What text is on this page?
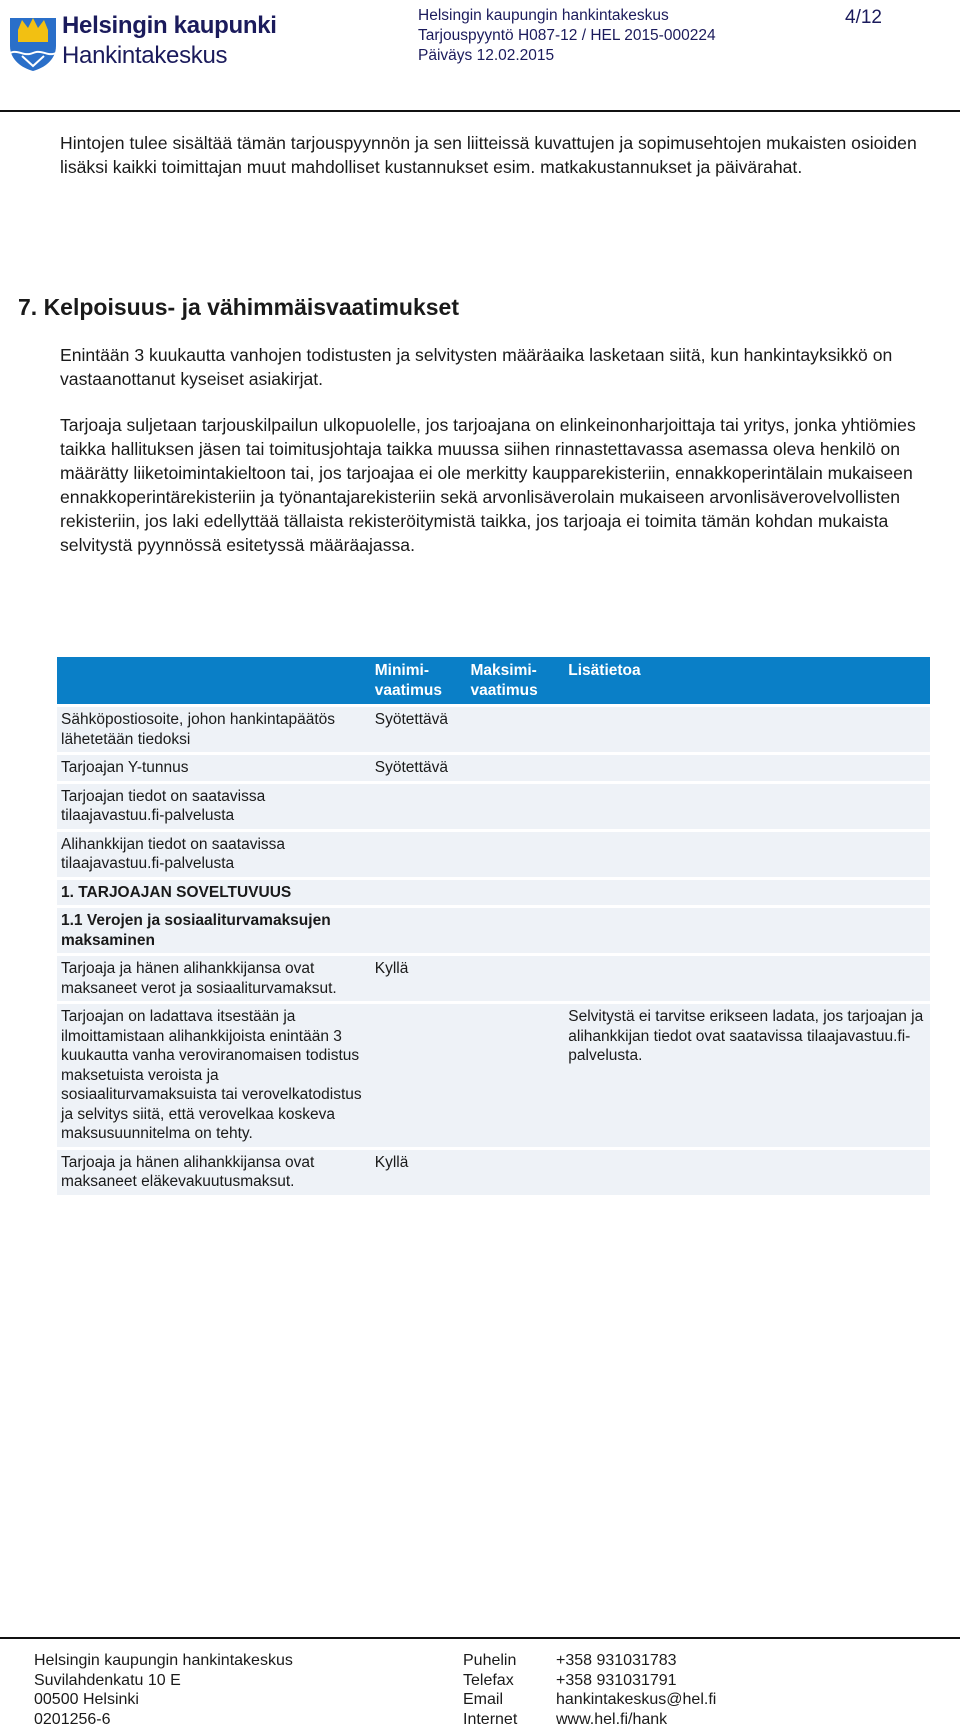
Helsingin kaupunki
Hankintakeskus
Helsingin kaupungin hankintakeskus
Tarjouspyyntö H087-12 / HEL 2015-000224
Päiväys 12.02.2015
4/12
Hintojen tulee sisältää tämän tarjouspyynnön ja sen liitteissä kuvattujen ja sopimusehtojen mukaisten osioiden lisäksi kaikki toimittajan muut mahdolliset kustannukset esim. matkakustannukset ja päivärahat.
7. Kelpoisuus- ja vähimmäisvaatimukset
Enintään 3 kuukautta vanhojen todistusten ja selvitysten määräaika lasketaan siitä, kun hankintayksikkö on vastaanottanut kyseiset asiakirjat.
Tarjoaja suljetaan tarjouskilpailun ulkopuolelle, jos tarjoajana on elinkeinonharjoittaja tai yritys, jonka yhtiömies taikka hallituksen jäsen tai toimitusjohtaja taikka muussa siihen rinnastettavassa asemassa oleva henkilö on määrätty liiketoimintakieltoon tai, jos tarjoajaa ei ole merkitty kaupparekisteriin, ennakkoperintälain mukaiseen ennakkoperintärekisteriin ja työnantajarekisteriin sekä arvonlisäverolain mukaiseen arvonlisäverovelvollisten rekisteriin, jos laki edellyttää tällaista rekisteröitymistä taikka, jos tarjoaja ei toimita tämän kohdan mukaista selvitystä pyynnössä esitetyssä määräajassa.
	Minimi-vaatimus	Maksimi-vaatimus	Lisätietoa
Sähköpostiosoite, johon hankintapäätös lähetetään tiedoksi	Syötettävä		
Tarjoajan Y-tunnus	Syötettävä		
Tarjoajan tiedot on saatavissa tilaajavastuu.fi-palvelusta			
Alihankkijan tiedot on saatavissa tilaajavastuu.fi-palvelusta			
1. TARJOAJAN SOVELTUVUUS			
1.1 Verojen ja sosiaaliturvamaksujen maksaminen			
Tarjoaja ja hänen alihankkijansa ovat maksaneet verot ja sosiaaliturvamaksut.	Kyllä		
Tarjoajan on ladattava itsestään ja ilmoittamistaan alihankkijoista enintään 3 kuukautta vanha veroviranomaisen todistus maksetuista veroista ja sosiaaliturvamaksuista tai verovelkatodistus ja selvitys siitä, että verovelkaa koskeva maksusuunnitelma on tehty.			Selvitystä ei tarvitse erikseen ladata, jos tarjoajan ja alihankkijan tiedot ovat saatavissa tilaajavastuu.fi-palvelusta.
Tarjoaja ja hänen alihankkijansa ovat maksaneet eläkevakuutusmaksut.	Kyllä		
Helsingin kaupungin hankintakeskus
Suvilahdenkatu 10 E
00500 Helsinki
0201256-6
Puhelin
Telefax
Email
Internet
+358 931031783
+358 931031791
hankintakeskus@hel.fi
www.hel.fi/hank
